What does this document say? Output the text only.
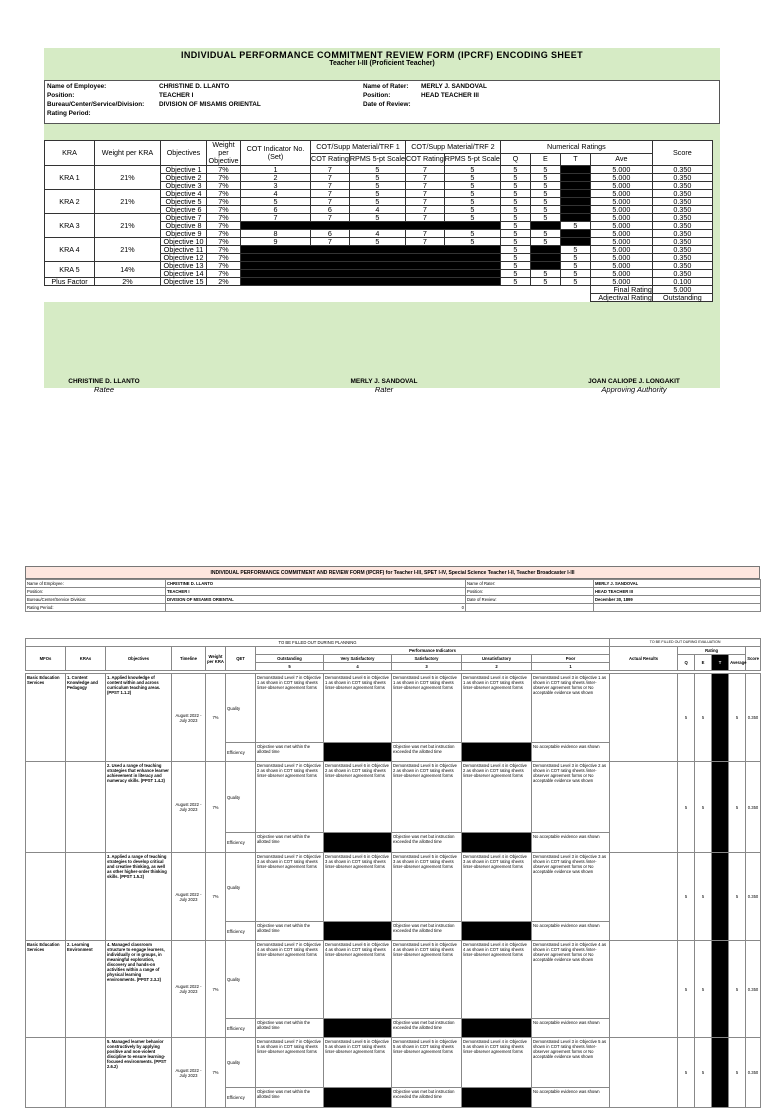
INDIVIDUAL PERFORMANCE COMMITMENT REVIEW FORM (IPCRF) ENCODING SHEET
Teacher I-III (Proficient Teacher)
Name of Employee:	CHRISTINE D. LLANTO
Position:	TEACHER I
Bureau/Center/Service/Division: DIVISION OF MISAMIS ORIENTAL
Rating Period:
Name of Rater: MERLY J. SANDOVAL
Position:	HEAD TEACHER III
Date of Review:
KRA	Weight per KRA	Objectives	Weight per Objective	COT Indicator No. (Set)	COT/Supp Material/TRF 1		COT/Supp Material/TRF 2		Numerical Ratings				Score
					COT Rating	RPMS 5-pt Scale	COT Rating	RPMS 5-pt Scale	Q	E	T	Ave	
KRA 1	21%	Objective 1	7%	1	7	5	7	5	5	5		5.000	0.350
		Objective 2	7%	2	7	5	7	5	5	5		5.000	0.350
		Objective 3	7%	3	7	5	7	5	5	5		5.000	0.350
KRA 2	21%	Objective 4	7%	4	7	5	7	5	5	5		5.000	0.350
		Objective 5	7%	5	7	5	7	5	5	5		5.000	0.350
		Objective 6	7%	6	6	4	7	5	5	5		5.000	0.350
KRA 3	21%	Objective 7	7%	7	7	5	7	5	5	5		5.000	0.350
		Objective 8	7%						5		5	5.000	0.350
		Objective 9	7%	8	6	4	7	5	5	5		5.000	0.350
KRA 4	21%	Objective 10	7%	9	7	5	7	5	5	5		5.000	0.350
		Objective 11	7%						5		5	5.000	0.350
		Objective 12	7%						5		5	5.000	0.350
KRA 5	14%	Objective 13	7%						5		5	5.000	0.350
		Objective 14	7%						5	5	5	5.000	0.350
Plus Factor	2%	Objective 15	2%						5	5	5	5.000	0.100
												Final Rating	5.000
												Adjectival Rating	Outstanding
CHRISTINE D. LLANTO
Ratee
MERLY J. SANDOVAL
Rater
JOAN CALIOPE J. LONGAKIT
Approving Authority
INDIVIDUAL PERFORMANCE COMMITMENT AND REVIEW FORM (IPCRF) for Teacher I-III, SPET I-IV, Special Science Teacher I-II, Teacher Broadcaster I-III
Name of Employee:	CHRISTINE D. LLANTO	Name of Rater:	MERLY J. SANDOVAL
Position:	TEACHER I	Position:	HEAD TEACHER III
Bureau/Center/Service Division:	DIVISION OF MISAMIS ORIENTAL	Date of Review:	December 30, 1899
Rating Period:	0		
TO BE FILLED OUT DURING PLANNING											TO BE FILLED OUT DURING EVALUATION					
MFOs	KRAs	Objectives	Timeline	Weight per KRA	QET	Performance Indicators					Actual Results	Rating				Score
						Outstanding	Very Satisfactory	Satisfactory	Unsatisfactory	Poor		Q	E	T	Average	
						5	4	3	2	1						
Basic Education Services	1. Content Knowledge and Pedagogy	1. Applied knowledge of content within and across curriculum teaching areas. (PPST 1.1.2)	August 2022 - July 2023	7%	Quality	Demonstrated Level 7 in Objective 1 as shown in COT rating sheets /inter-observer agreement forms	Demonstrated Level 6 in Objective 1 as shown in COT rating sheets /inter-observer agreement forms	Demonstrated Level 5 in Objective 1 as shown in COT rating sheets /inter-observer agreement forms	Demonstrated Level 4 in Objective 1 as shown in COT rating sheets /inter-observer agreement forms	Demonstrated Level 3 in Objective 1 as shown in COT rating sheets /inter-observer agreement forms or No acceptable evidence was shown		5	5		5	0.350
					Efficiency	Objective was met within the allotted time		Objective was met but instruction exceeded the allotted time		No acceptable evidence was shown						
		2. Used a range of teaching strategies that enhance learner achievement in literacy and numeracy skills. (PPST 1.4.2)	August 2022 - July 2023	7%	Quality	Demonstrated Level 7 in Objective 2 as shown in COT rating sheets /inter-observer agreement forms	Demonstrated Level 6 in Objective 2 as shown in COT rating sheets /inter-observer agreement forms	Demonstrated Level 5 in Objective 2 as shown in COT rating sheets /inter-observer agreement forms	Demonstrated Level 4 in Objective 2 as shown in COT rating sheets /inter-observer agreement forms	Demonstrated Level 3 in Objective 2 as shown in COT rating sheets /inter-observer agreement forms or No acceptable evidence was shown		5	5		5	0.350
					Efficiency	Objective was met within the allotted time		Objective was met but instruction exceeded the allotted time		No acceptable evidence was shown						
		3. Applied a range of teaching strategies to develop critical and creative thinking, as well as other higher-order thinking skills. (PPST 1.5.2)	August 2022 - July 2023	7%	Quality	Demonstrated Level 7 in Objective 3 as shown in COT rating sheets /inter-observer agreement forms	Demonstrated Level 6 in Objective 3 as shown in COT rating sheets /inter-observer agreement forms	Demonstrated Level 5 in Objective 3 as shown in COT rating sheets /inter-observer agreement forms	Demonstrated Level 4 in Objective 3 as shown in COT rating sheets /inter-observer agreement forms	Demonstrated Level 3 in Objective 3 as shown in COT rating sheets /inter-observer agreement forms or No acceptable evidence was shown		5	5		5	0.350
					Efficiency	Objective was met within the allotted time		Objective was met but instruction exceeded the allotted time		No acceptable evidence was shown						
Basic Education Services	2. Learning Environment	4. Managed classroom structure to engage learners, individually or in groups, in meaningful exploration, discovery and hands-on activities within a range of physical learning environments. (PPST 2.3.2)	August 2022 - July 2023	7%	Quality	Demonstrated Level 7 in Objective 4 as shown in COT rating sheets /inter-observer agreement forms	Demonstrated Level 6 in Objective 4 as shown in COT rating sheets /inter-observer agreement forms	Demonstrated Level 5 in Objective 4 as shown in COT rating sheets /inter-observer agreement forms	Demonstrated Level 4 in Objective 4 as shown in COT rating sheets /inter-observer agreement forms	Demonstrated Level 3 in Objective 4 as shown in COT rating sheets /inter-observer agreement forms or No acceptable evidence was shown		5	5		5	0.350
					Efficiency	Objective was met within the allotted time		Objective was met but instruction exceeded the allotted time		No acceptable evidence was shown						
		5. Managed learner behavior constructively by applying positive and non-violent discipline to ensure learning-focused environments. (PPST 2.6.2)	August 2022 - July 2023	7%	Quality	Demonstrated Level 7 in Objective 5 as shown in COT rating sheets /inter-observer agreement forms	Demonstrated Level 6 in Objective 5 as shown in COT rating sheets /inter-observer agreement forms	Demonstrated Level 5 in Objective 5 as shown in COT rating sheets /inter-observer agreement forms	Demonstrated Level 4 in Objective 5 as shown in COT rating sheets /inter-observer agreement forms	Demonstrated Level 3 in Objective 5 as shown in COT rating sheets /inter-observer agreement forms or No acceptable evidence was shown		5	5		5	0.350
					Efficiency	Objective was met within the allotted time		Objective was met but instruction exceeded the allotted time		No acceptable evidence was shown						
